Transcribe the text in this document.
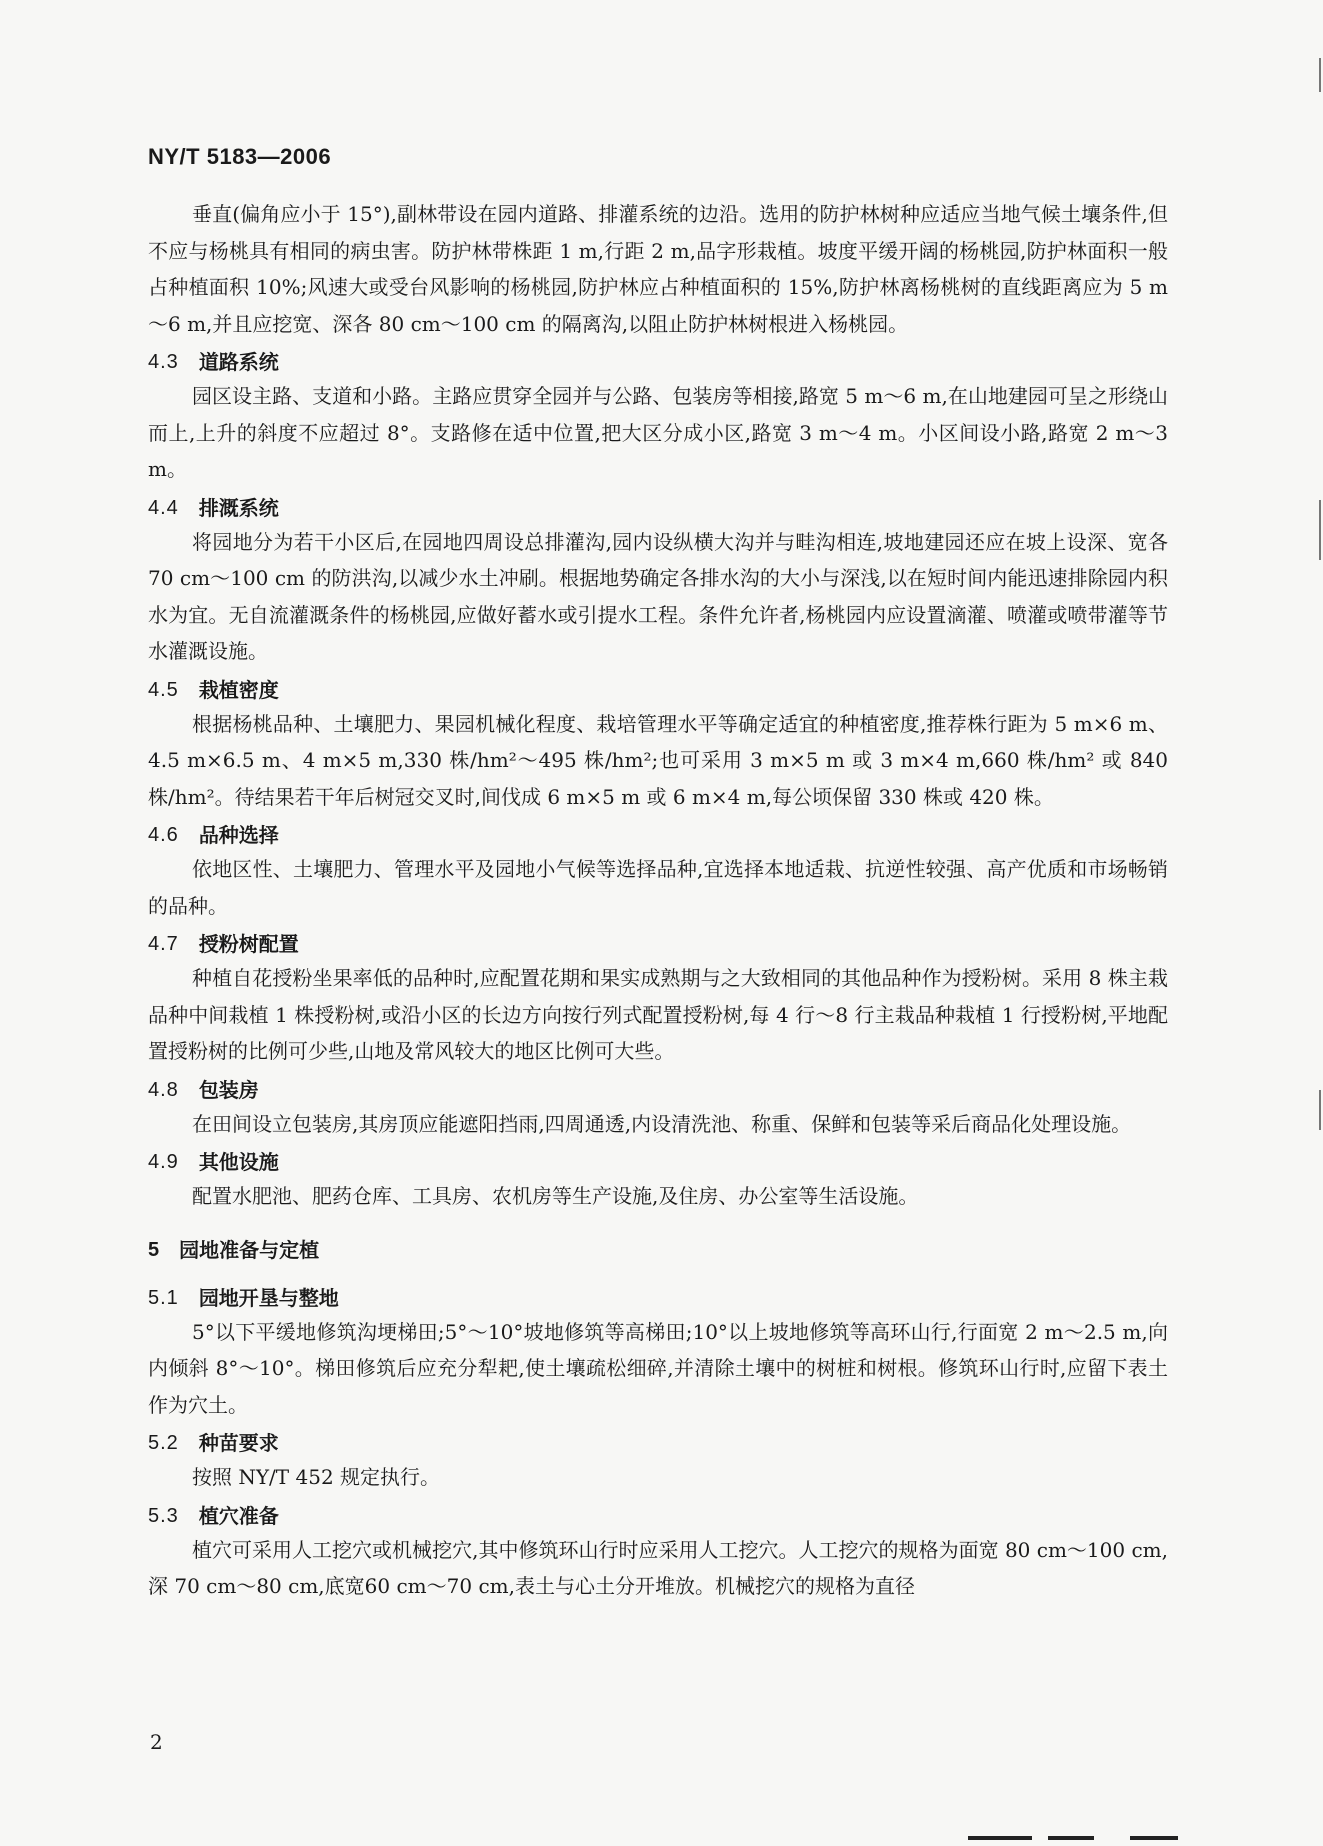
NY/T 5183—2006

垂直(偏角应小于 15°),副林带设在园内道路、排灌系统的边沿。选用的防护林树种应适应当地气候土壤条件,但不应与杨桃具有相同的病虫害。防护林带株距 1 m,行距 2 m,品字形栽植。坡度平缓开阔的杨桃园,防护林面积一般占种植面积 10%;风速大或受台风影响的杨桃园,防护林应占种植面积的 15%,防护林离杨桃树的直线距离应为 5 m～6 m,并且应挖宽、深各 80 cm～100 cm 的隔离沟,以阻止防护林树根进入杨桃园。

4.3 道路系统

园区设主路、支道和小路。主路应贯穿全园并与公路、包装房等相接,路宽 5 m～6 m,在山地建园可呈之形绕山而上,上升的斜度不应超过 8°。支路修在适中位置,把大区分成小区,路宽 3 m～4 m。小区间设小路,路宽 2 m～3 m。

4.4 排溉系统

将园地分为若干小区后,在园地四周设总排灌沟,园内设纵横大沟并与畦沟相连,坡地建园还应在坡上设深、宽各 70 cm～100 cm 的防洪沟,以减少水土冲刷。根据地势确定各排水沟的大小与深浅,以在短时间内能迅速排除园内积水为宜。无自流灌溉条件的杨桃园,应做好蓄水或引提水工程。条件允许者,杨桃园内应设置滴灌、喷灌或喷带灌等节水灌溉设施。

4.5 栽植密度

根据杨桃品种、土壤肥力、果园机械化程度、栽培管理水平等确定适宜的种植密度,推荐株行距为 5 m×6 m、4.5 m×6.5 m、4 m×5 m,330 株/hm²～495 株/hm²;也可采用 3 m×5 m 或 3 m×4 m,660 株/hm² 或 840 株/hm²。待结果若干年后树冠交叉时,间伐成 6 m×5 m 或 6 m×4 m,每公顷保留 330 株或 420 株。

4.6 品种选择

依地区性、土壤肥力、管理水平及园地小气候等选择品种,宜选择本地适栽、抗逆性较强、高产优质和市场畅销的品种。

4.7 授粉树配置

种植自花授粉坐果率低的品种时,应配置花期和果实成熟期与之大致相同的其他品种作为授粉树。采用 8 株主栽品种中间栽植 1 株授粉树,或沿小区的长边方向按行列式配置授粉树,每 4 行～8 行主栽品种栽植 1 行授粉树,平地配置授粉树的比例可少些,山地及常风较大的地区比例可大些。

4.8 包装房

在田间设立包装房,其房顶应能遮阳挡雨,四周通透,内设清洗池、称重、保鲜和包装等采后商品化处理设施。

4.9 其他设施

配置水肥池、肥药仓库、工具房、农机房等生产设施,及住房、办公室等生活设施。

5 园地准备与定植
5.1 园地开垦与整地

5°以下平缓地修筑沟埂梯田;5°～10°坡地修筑等高梯田;10°以上坡地修筑等高环山行,行面宽 2 m～2.5 m,向内倾斜 8°～10°。梯田修筑后应充分犁耙,使土壤疏松细碎,并清除土壤中的树桩和树根。修筑环山行时,应留下表土作为穴土。

5.2 种苗要求

按照 NY/T 452 规定执行。

5.3 植穴准备

植穴可采用人工挖穴或机械挖穴,其中修筑环山行时应采用人工挖穴。人工挖穴的规格为面宽 80 cm～100 cm,深 70 cm～80 cm,底宽60 cm～70 cm,表土与心土分开堆放。机械挖穴的规格为直径

2
